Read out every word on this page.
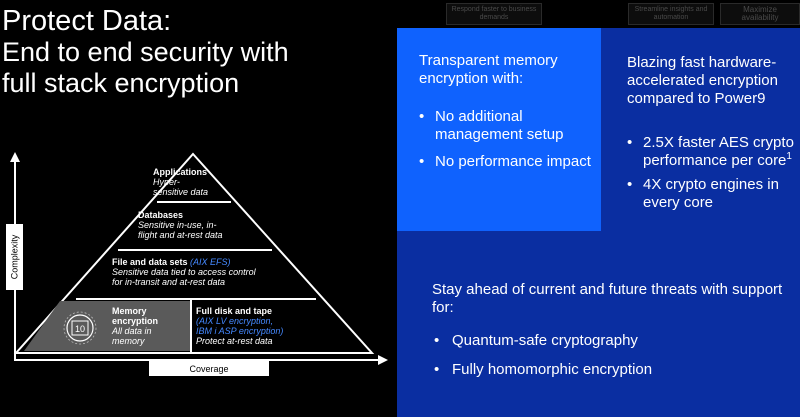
Protect Data:
End to end security with
full stack encryption
Respond faster to business demands
Streamline insights and automation
Maximize availability
Complexity
Coverage
Applications
Hyper-
sensitive data
Databases
Sensitive in-use, in-
flight and at-rest data
File and data sets (AIX EFS)
Sensitive data tied to access control
for in-transit and at-rest data
10
Memory
encryption
All data in
memory
Full disk and tape
(AIX LV encryption,
IBM i ASP encryption)
Protect at-rest data

Transparent memory encryption with:

• No additional management setup
• No performance impact

Blazing fast hardware-accelerated encryption compared to Power9

• 2.5X faster AES crypto performance per core$^1$
• 4X crypto engines in every core

Stay ahead of current and future threats with support for:

• Quantum-safe cryptography
• Fully homomorphic encryption
